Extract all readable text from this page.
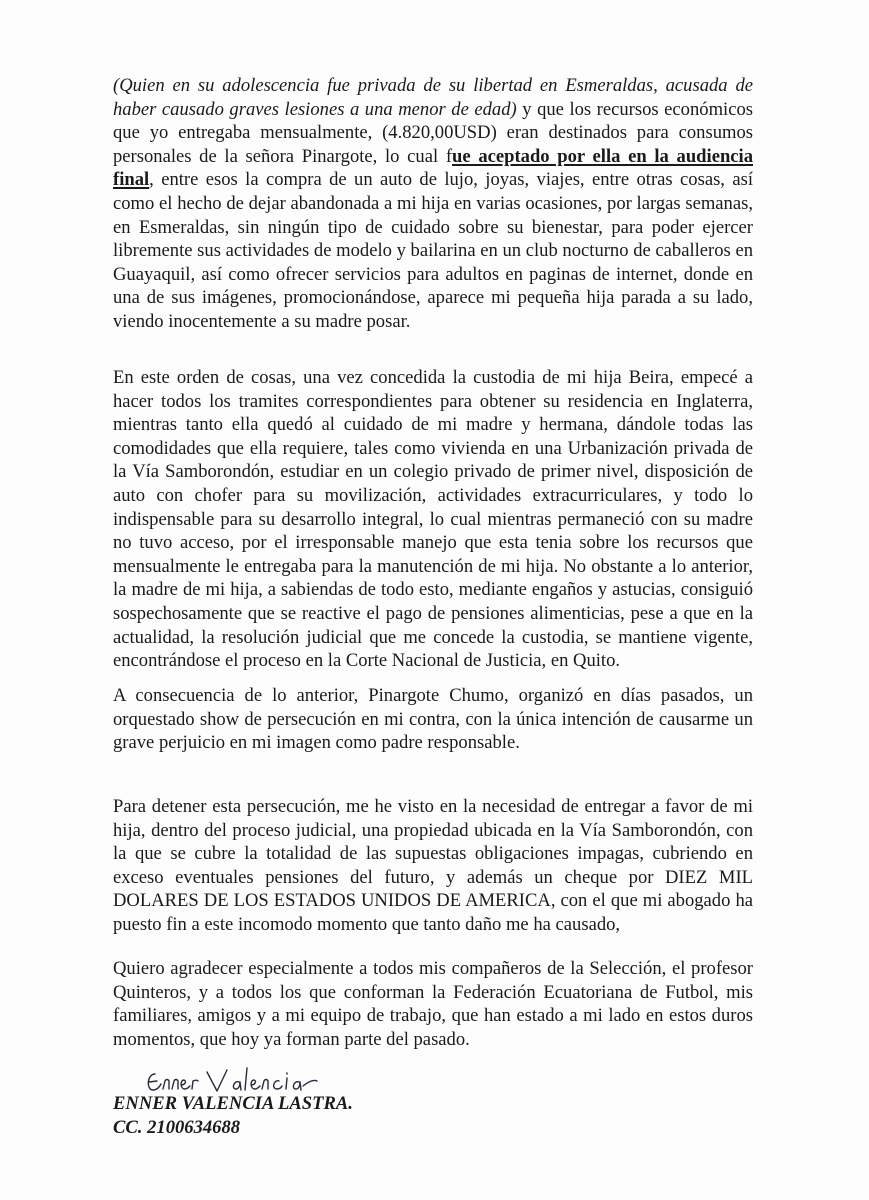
(Quien en su adolescencia fue privada de su libertad en Esmeraldas, acusada de haber causado graves lesiones a una menor de edad) y que los recursos económicos que yo entregaba mensualmente, (4.820,00USD) eran destinados para consumos personales de la señora Pinargote, lo cual fue aceptado por ella en la audiencia final, entre esos la compra de un auto de lujo, joyas, viajes, entre otras cosas, así como el hecho de dejar abandonada a mi hija en varias ocasiones, por largas semanas, en Esmeraldas, sin ningún tipo de cuidado sobre su bienestar, para poder ejercer libremente sus actividades de modelo y bailarina en un club nocturno de caballeros en Guayaquil, así como ofrecer servicios para adultos en paginas de internet, donde en una de sus imágenes, promocionándose, aparece mi pequeña hija parada a su lado, viendo inocentemente a su madre posar.

En este orden de cosas, una vez concedida la custodia de mi hija Beira, empecé a hacer todos los tramites correspondientes para obtener su residencia en Inglaterra, mientras tanto ella quedó al cuidado de mi madre y hermana, dándole todas las comodidades que ella requiere, tales como vivienda en una Urbanización privada de la Vía Samborondón, estudiar en un colegio privado de primer nivel, disposición de auto con chofer para su movilización, actividades extracurriculares, y todo lo indispensable para su desarrollo integral, lo cual mientras permaneció con su madre no tuvo acceso, por el irresponsable manejo que esta tenia sobre los recursos que mensualmente le entregaba para la manutención de mi hija. No obstante a lo anterior, la madre de mi hija, a sabiendas de todo esto, mediante engaños y astucias, consiguió sospechosamente que se reactive el pago de pensiones alimenticias, pese a que en la actualidad, la resolución judicial que me concede la custodia, se mantiene vigente, encontrándose el proceso en la Corte Nacional de Justicia, en Quito.

A consecuencia de lo anterior, Pinargote Chumo, organizó en días pasados, un orquestado show de persecución en mi contra, con la única intención de causarme un grave perjuicio en mi imagen como padre responsable.

Para detener esta persecución, me he visto en la necesidad de entregar a favor de mi hija, dentro del proceso judicial, una propiedad ubicada en la Vía Samborondón, con la que se cubre la totalidad de las supuestas obligaciones impagas, cubriendo en exceso eventuales pensiones del futuro, y además un cheque por DIEZ MIL DOLARES DE LOS ESTADOS UNIDOS DE AMERICA, con el que mi abogado ha puesto fin a este incomodo momento que tanto daño me ha causado,

Quiero agradecer especialmente a todos mis compañeros de la Selección, el profesor Quinteros, y a todos los que conforman la Federación Ecuatoriana de Futbol, mis familiares, amigos y a mi equipo de trabajo, que han estado a mi lado en estos duros momentos, que hoy ya forman parte del pasado.

ENNER VALENCIA LASTRA.

CC. 2100634688
